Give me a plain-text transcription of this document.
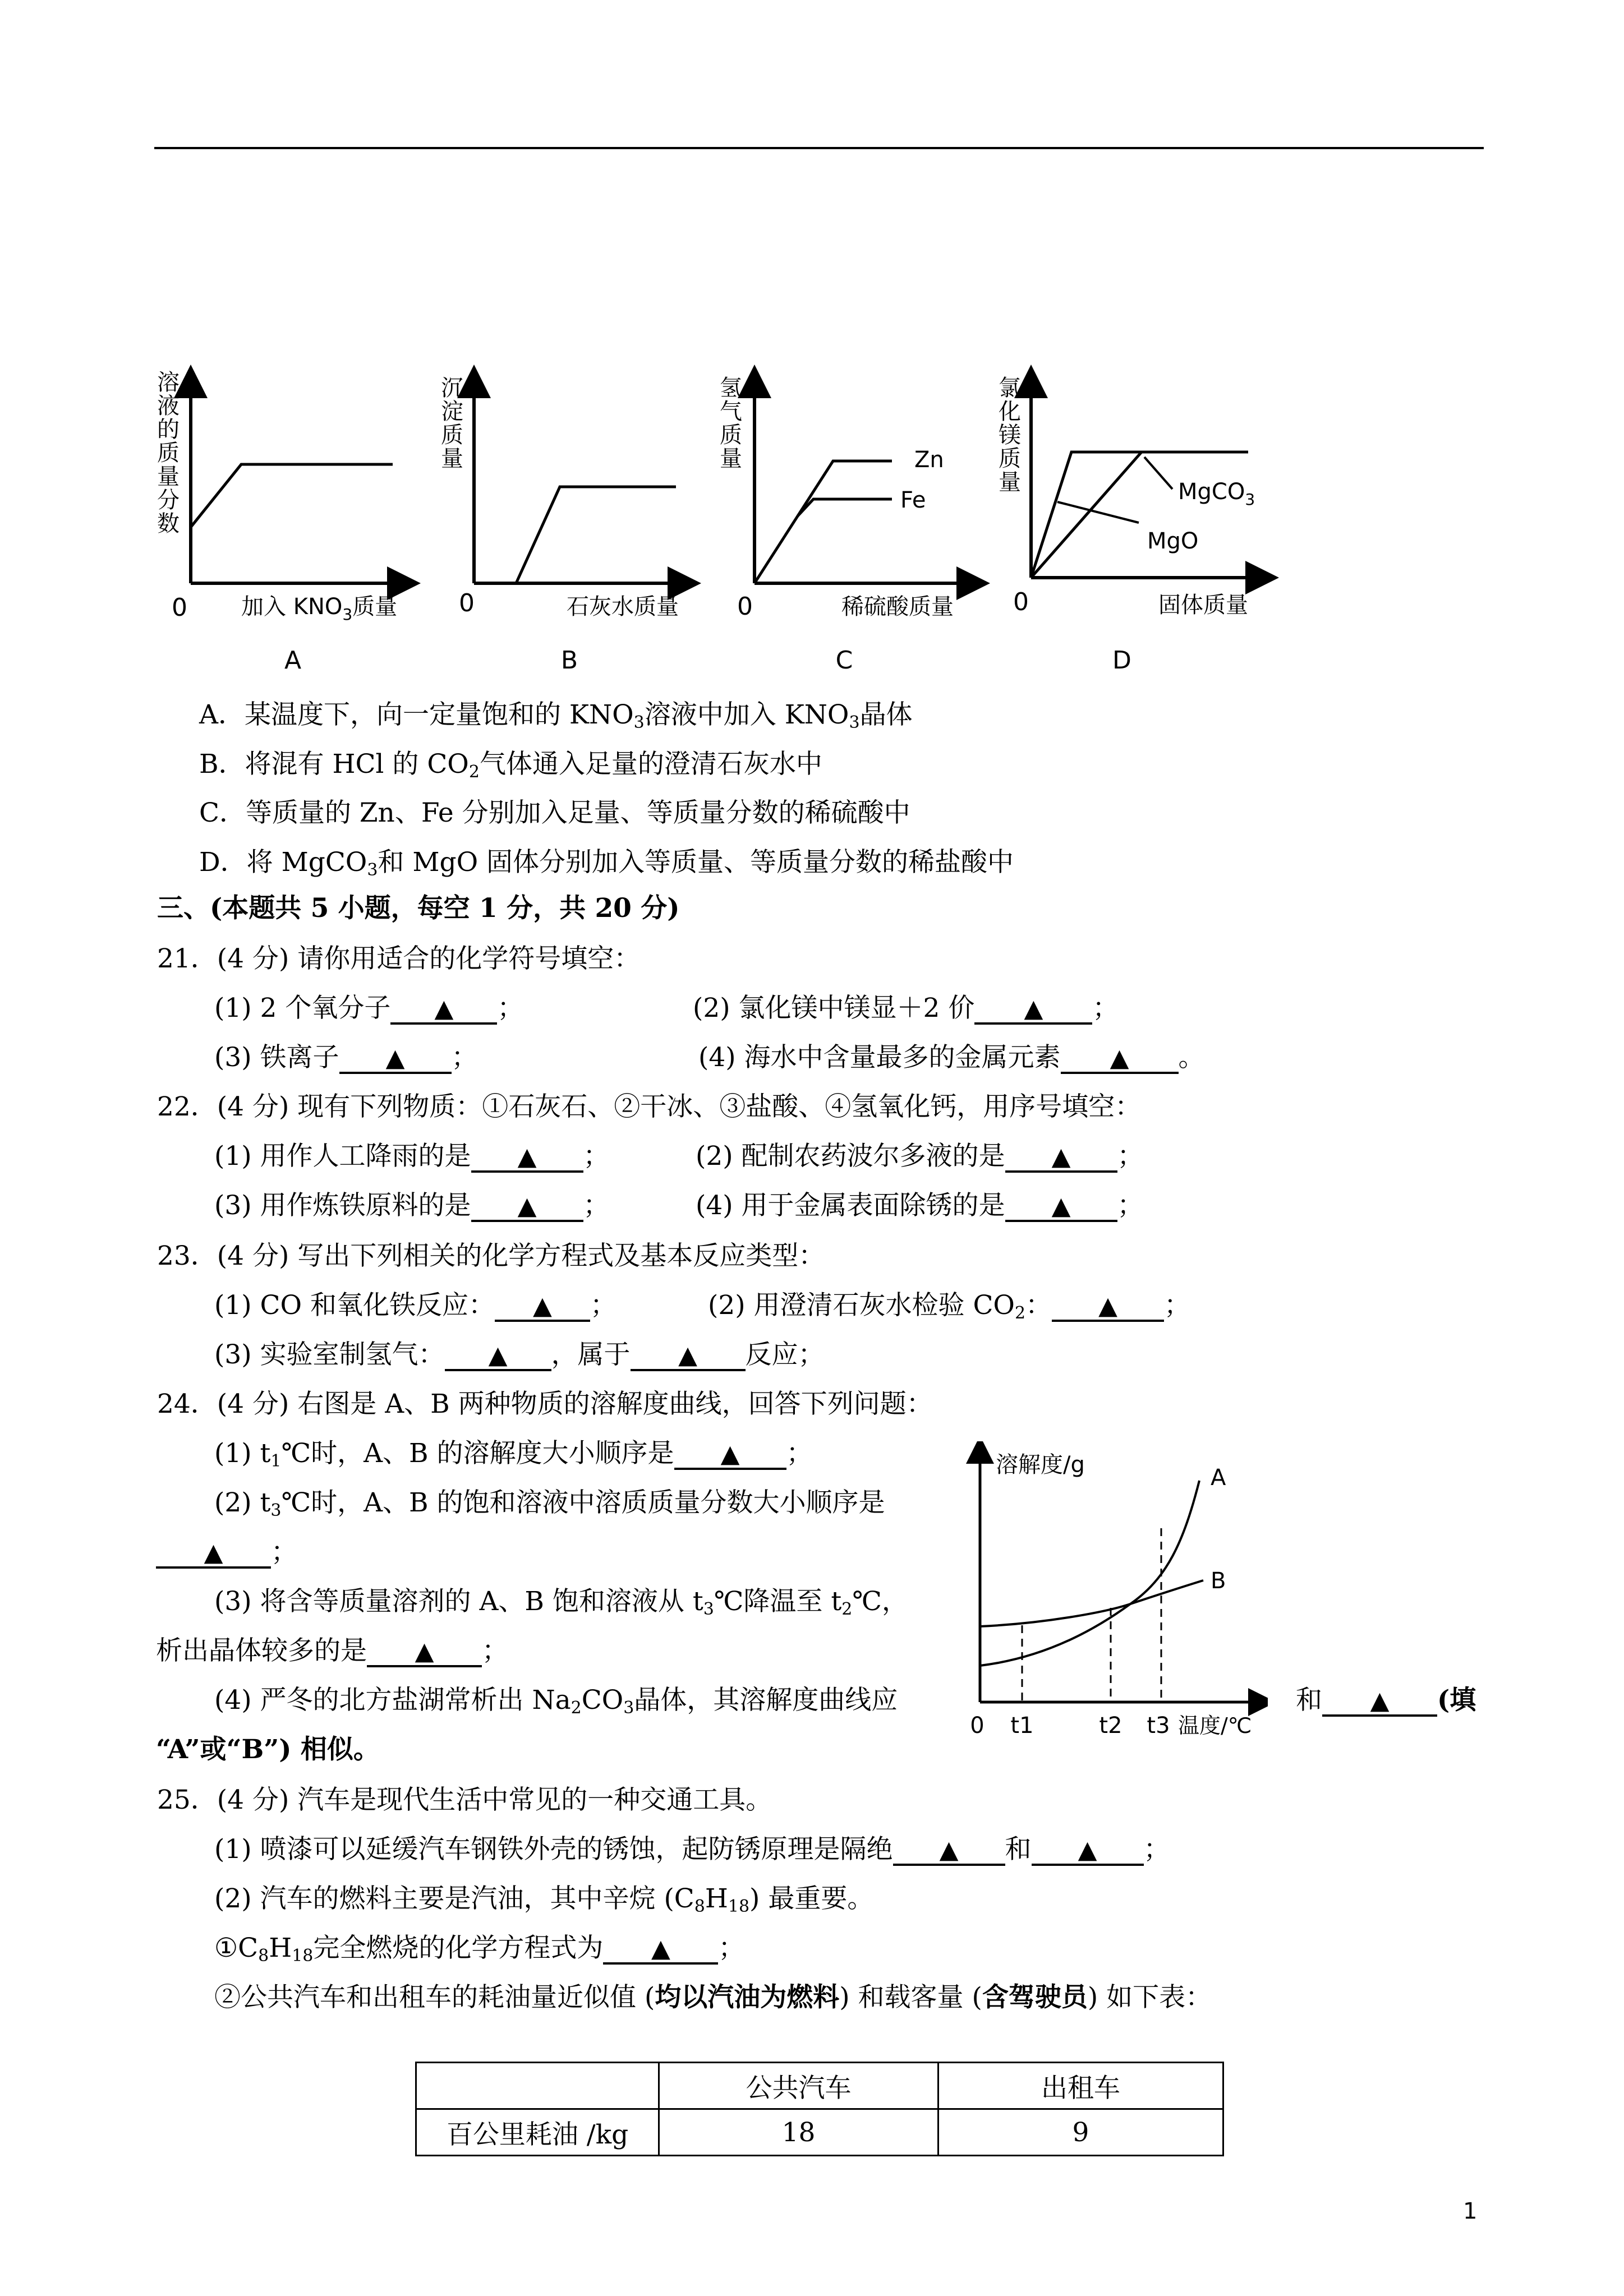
溶液的质量分数
0 加入 $KNO_3$质量
A
沉淀质量
0	石灰水质量
B
氢气质量	Zn
Fe
0	稀硫酸质量
C
氯化镁质量	MgCO$_3$
MgO
0	固体质量
D
A．某温度下，向一定量饱和的 $KNO_3$溶液中加入 $KNO_3$晶体
B．将混有 HCl 的 $CO_2$气体通入足量的澄清石灰水中
C．等质量的 Zn、Fe 分别加入足量、等质量分数的稀硫酸中
D．将 MgCO$_3$和 MgO 固体分别加入等质量、等质量分数的稀盐酸中
三、(本题共 5 小题，每空 1 分，共 20 分)
21．(4 分) 请你用适合的化学符号填空：
(1) 2 个氧分子 ▲ ；	(2) 氯化镁中镁显＋2 价 ▲ ；
(3) 铁离子 ▲ ；	(4) 海水中含量最多的金属元素 ▲ 。
22．(4 分) 现有下列物质：①石灰石、②干冰、③盐酸、④氢氧化钙，用序号填空：
(1) 用作人工降雨的是 ▲ ；	(2) 配制农药波尔多液的是 ▲ ；
(3) 用作炼铁原料的是 ▲ ；	(4) 用于金属表面除锈的是 ▲ ；
23．(4 分) 写出下列相关的化学方程式及基本反应类型：
(1) CO 和氧化铁反应： ▲ ；	(2) 用澄清石灰水检验 $CO_2$： ▲ ；
(3) 实验室制氢气： ▲ ，属于 ▲ 反应；
24．(4 分) 右图是 A、B 两种物质的溶解度曲线，回答下列问题：
(1) $t_1℃$时，A、B 的溶解度大小顺序是 ▲ ；
(2) $t_3℃$时，A、B 的饱和溶液中溶质质量分数大小顺序是
▲ ；
(3) 将含等质量溶剂的 A、B 饱和溶液从 $t_3℃$降温至 $t_2℃$，
析出晶体较多的是 ▲ ；
(4) 严冬的北方盐湖常析出 $Na_2CO_3$晶体，其溶解度曲线应	和 ▲ (填
“A”或“B”) 相似。
溶解度/g	A
B
0 t1	t2 t3 温度/℃
25．(4 分) 汽车是现代生活中常见的一种交通工具。
(1) 喷漆可以延缓汽车钢铁外壳的锈蚀，起防锈原理是隔绝 ▲ 和 ▲ ；
(2) 汽车的燃料主要是汽油，其中辛烷 $(C_8H_{18})$ 最重要。
$①C_8H_{18}$完全燃烧的化学方程式为 ▲ ；
②公共汽车和出租车的耗油量近似值 (均以汽油为燃料) 和载客量 (含驾驶员) 如下表：
	公共汽车	出租车
百公里耗油 /kg	18	9
1
